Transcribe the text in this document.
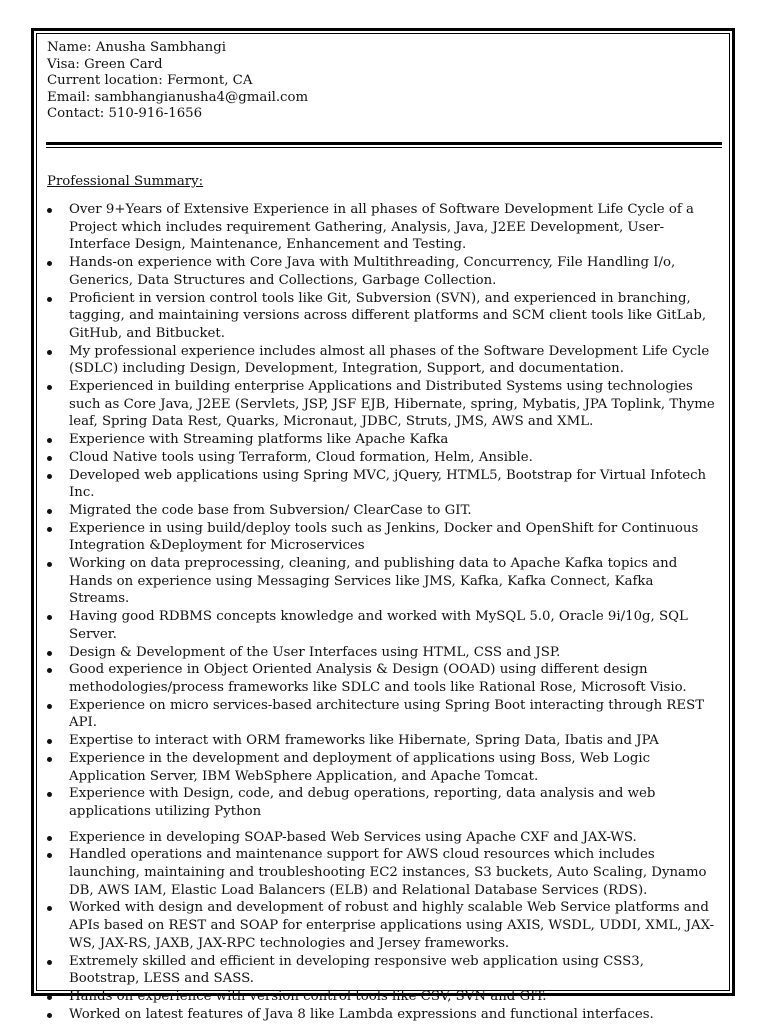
Name: Anusha Sambhangi
Visa: Green Card
Current location: Fermont, CA
Email: sambhangianusha4@gmail.com
Contact: 510-916-1656
Professional Summary:
Over 9+Years of Extensive Experience in all phases of Software Development Life Cycle of a Project which includes requirement Gathering, Analysis, Java, J2EE Development, User-Interface Design, Maintenance, Enhancement and Testing.
Hands-on experience with Core Java with Multithreading, Concurrency, File Handling I/o, Generics, Data Structures and Collections, Garbage Collection.
Proficient in version control tools like Git, Subversion (SVN), and experienced in branching, tagging, and maintaining versions across different platforms and SCM client tools like GitLab, GitHub, and Bitbucket.
My professional experience includes almost all phases of the Software Development Life Cycle (SDLC) including Design, Development, Integration, Support, and documentation.
Experienced in building enterprise Applications and Distributed Systems using technologies such as Core Java, J2EE (Servlets, JSP, JSF EJB, Hibernate, spring, Mybatis, JPA Toplink, Thyme leaf, Spring Data Rest, Quarks, Micronaut, JDBC, Struts, JMS, AWS and XML.
Experience with Streaming platforms like Apache Kafka
Cloud Native tools using Terraform, Cloud formation, Helm, Ansible.
Developed web applications using Spring MVC, jQuery, HTML5, Bootstrap for Virtual Infotech Inc.
Migrated the code base from Subversion/ ClearCase to GIT.
Experience in using build/deploy tools such as Jenkins, Docker and OpenShift for Continuous Integration &Deployment for Microservices
Working on data preprocessing, cleaning, and publishing data to Apache Kafka topics and Hands on experience using Messaging Services like JMS, Kafka, Kafka Connect, Kafka Streams.
Having good RDBMS concepts knowledge and worked with MySQL 5.0, Oracle 9i/10g, SQL Server.
Design & Development of the User Interfaces using HTML, CSS and JSP.
Good experience in Object Oriented Analysis & Design (OOAD) using different design methodologies/process frameworks like SDLC and tools like Rational Rose, Microsoft Visio.
Experience on micro services-based architecture using Spring Boot interacting through REST API.
Expertise to interact with ORM frameworks like Hibernate, Spring Data, Ibatis and JPA
Experience in the development and deployment of applications using Boss, Web Logic Application Server, IBM WebSphere Application, and Apache Tomcat.
Experience with Design, code, and debug operations, reporting, data analysis and web applications utilizing Python
Experience in developing SOAP-based Web Services using Apache CXF and JAX-WS.
Handled operations and maintenance support for AWS cloud resources which includes launching, maintaining and troubleshooting EC2 instances, S3 buckets, Auto Scaling, Dynamo DB, AWS IAM, Elastic Load Balancers (ELB) and Relational Database Services (RDS).
Worked with design and development of robust and highly scalable Web Service platforms and APIs based on REST and SOAP for enterprise applications using AXIS, WSDL, UDDI, XML, JAX-WS, JAX-RS, JAXB, JAX-RPC technologies and Jersey frameworks.
Extremely skilled and efficient in developing responsive web application using CSS3, Bootstrap, LESS and SASS.
Hands on experience with version control tools like CSV, SVN and GIT.
Worked on latest features of Java 8 like Lambda expressions and functional interfaces.
